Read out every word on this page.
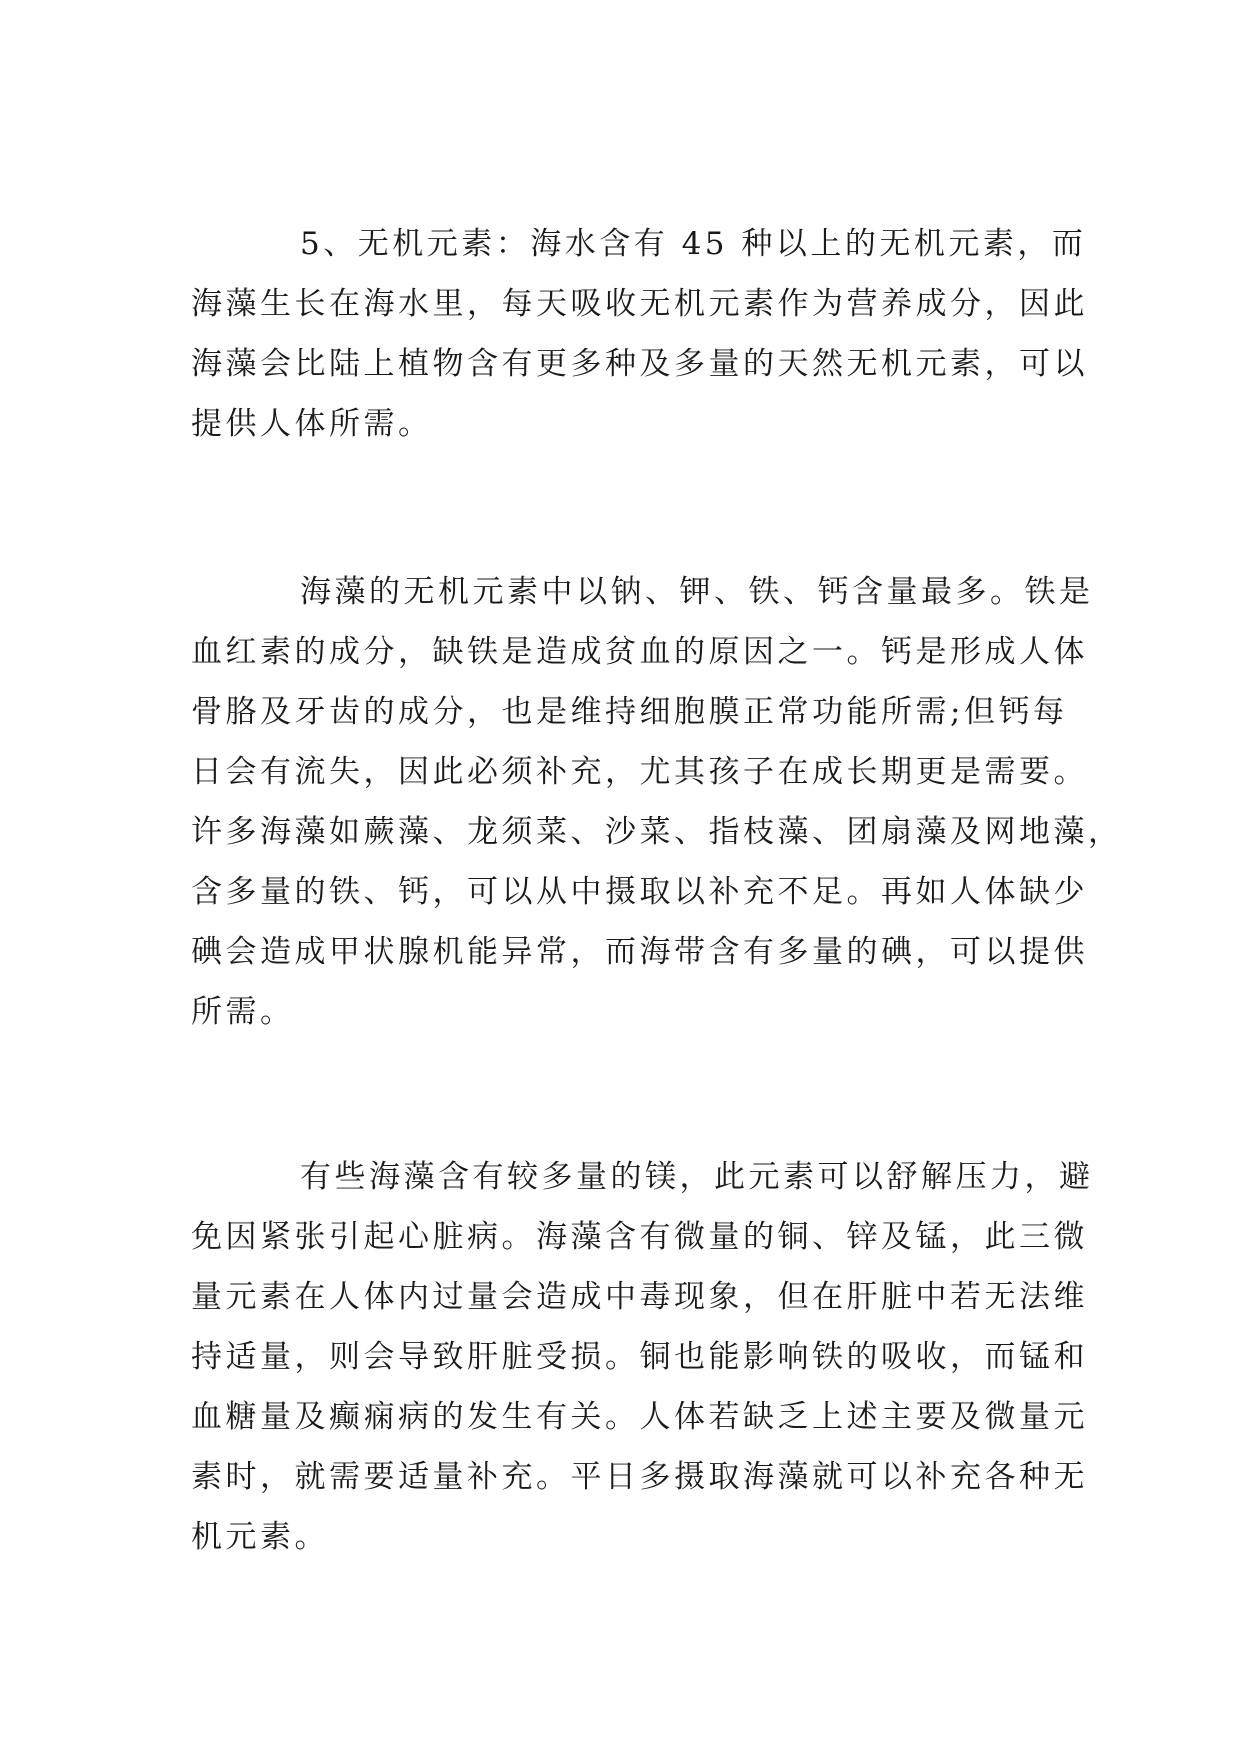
5、无机元素：海水含有 45 种以上的无机元素，而
海藻生长在海水里，每天吸收无机元素作为营养成分，因此
海藻会比陆上植物含有更多种及多量的天然无机元素，可以
提供人体所需。
海藻的无机元素中以钠、钾、铁、钙含量最多。铁是
血红素的成分，缺铁是造成贫血的原因之一。钙是形成人体
骨胳及牙齿的成分，也是维持细胞膜正常功能所需;但钙每
日会有流失，因此必须补充，尤其孩子在成长期更是需要。
许多海藻如蕨藻、龙须菜、沙菜、指枝藻、团扇藻及网地藻，
含多量的铁、钙，可以从中摄取以补充不足。再如人体缺少
碘会造成甲状腺机能异常，而海带含有多量的碘，可以提供
所需。
有些海藻含有较多量的镁，此元素可以舒解压力，避
免因紧张引起心脏病。海藻含有微量的铜、锌及锰，此三微
量元素在人体内过量会造成中毒现象，但在肝脏中若无法维
持适量，则会导致肝脏受损。铜也能影响铁的吸收，而锰和
血糖量及癫痫病的发生有关。人体若缺乏上述主要及微量元
素时，就需要适量补充。平日多摄取海藻就可以补充各种无
机元素。
